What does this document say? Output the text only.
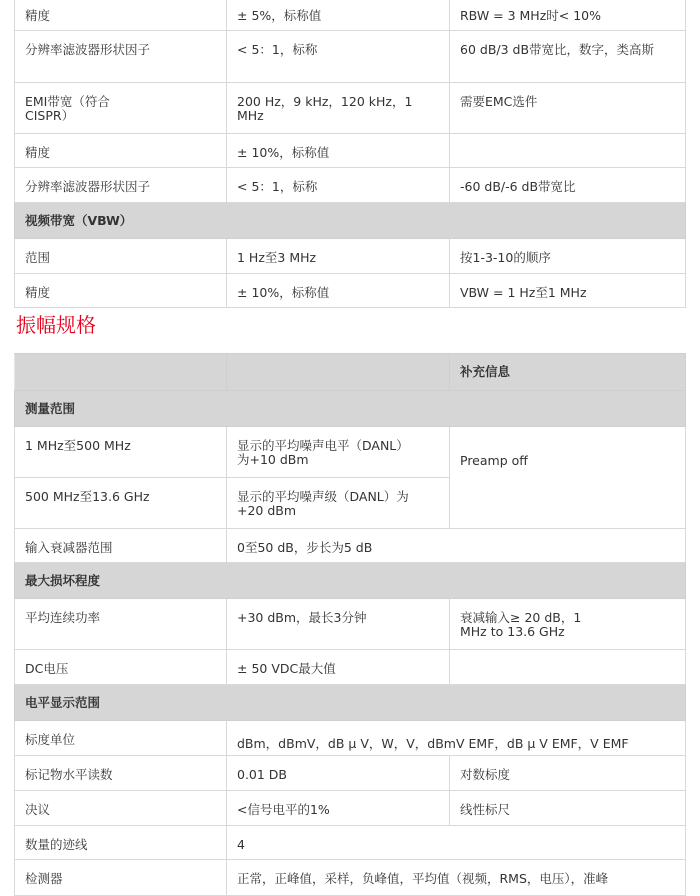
精度	± 5%，标称值	RBW = 3 MHz时< 10%
分辨率滤波器形状因子	< 5：1，标称	60 dB/3 dB带宽比，数字，类高斯
EMI带宽（符合
CISPR）	200 Hz，9 kHz，120 kHz，1 MHz	需要EMC选件
精度	± 10%，标称值	
分辨率滤波器形状因子	< 5：1，标称	-60 dB/-6 dB带宽比
视频带宽（VBW）		
范围	1 Hz至3 MHz	按1-3-10的顺序
精度	± 10%，标称值	VBW = 1 Hz至1 MHz
振幅规格
		补充信息
测量范围		
1 MHz至500 MHz	显示的平均噪声电平（DANL）
为+10 dBm	Preamp off
500 MHz至13.6 GHz	显示的平均噪声级（DANL）为
+20 dBm	
输入衰减器范围	0至50 dB，步长为5 dB	
最大损坏程度		
平均连续功率	+30 dBm，最长3分钟	衰减输入≥ 20 dB，1
MHz to 13.6 GHz
DC电压	± 50 VDC最大值	
电平显示范围		
标度单位	dBm，dBmV，dB μ V，W，V，dBmV EMF，dB μ V EMF，V EMF	
标记物水平读数	0.01 DB	对数标度
决议	<信号电平的1%	线性标尺
数量的迹线	4	
检测器	正常，正峰值，采样，负峰值，平均值（视频，RMS，电压），准峰	
